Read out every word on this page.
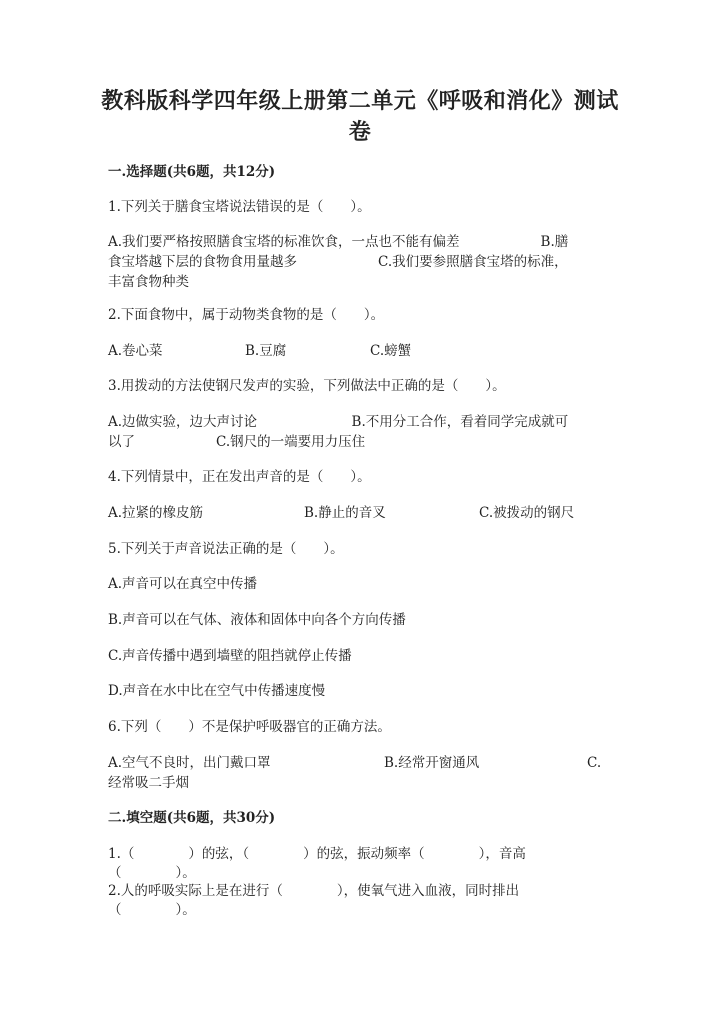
教科版科学四年级上册第二单元《呼吸和消化》测试卷
一.选择题(共6题，共12分)
1.下列关于膳食宝塔说法错误的是（　　）。
A.我们要严格按照膳食宝塔的标准饮食，一点也不能有偏差　　　　　　B.膳
食宝塔越下层的食物食用量越多　　　　　　C.我们要参照膳食宝塔的标准，
丰富食物种类
2.下面食物中，属于动物类食物的是（　　）。
A.卷心菜	B.豆腐	C.螃蟹
3.用拨动的方法使钢尺发声的实验，下列做法中正确的是（　　）。
A.边做实验，边大声讨论　　　　　　　B.不用分工合作，看着同学完成就可
以了　　　　　　C.钢尺的一端要用力压住
4.下列情景中，正在发出声音的是（　　）。
A.拉紧的橡皮筋	B.静止的音叉	C.被拨动的钢尺
5.下列关于声音说法正确的是（　　）。
A.声音可以在真空中传播
B.声音可以在气体、液体和固体中向各个方向传播
C.声音传播中遇到墙壁的阻挡就停止传播
D.声音在水中比在空气中传播速度慢
6.下列（　　）不是保护呼吸器官的正确方法。
A.空气不良时，出门戴口罩	B.经常开窗通风	C.
经常吸二手烟
二.填空题(共6题，共30分)
1.（　　　　）的弦，（　　　　）的弦，振动频率（　　　　），音高
（　　　　）。
2.人的呼吸实际上是在进行（　　　　），使氧气进入血液，同时排出
（　　　　）。
